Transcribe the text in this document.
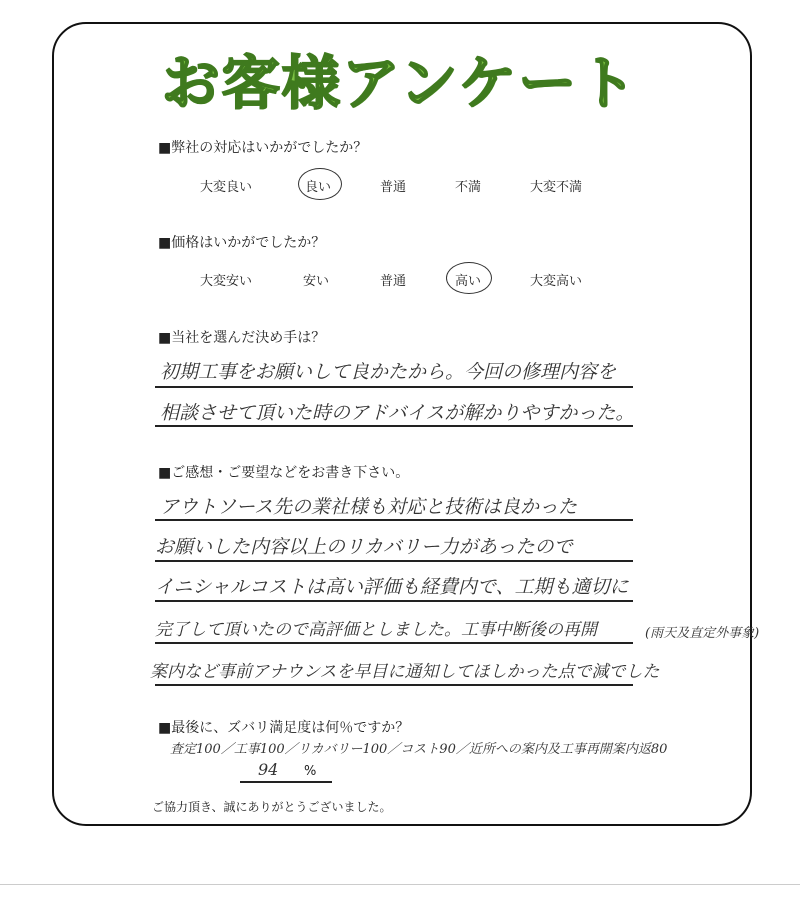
お客様アンケート
■弊社の対応はいかがでしたか？
大変良い	良い	普通	不満	大変不満
■価格はいかがでしたか？
大変安い	安い	普通	高い	大変高い
■当社を選んだ決め手は？
初期工事をお願いして良かたから。今回の修理内容を
相談させて頂いた時のアドバイスが解かりやすかった。
■ご感想・ご要望などをお書き下さい。
アウトソース先の業社様も対応と技術は良かった
お願いした内容以上のリカバリー力があったので
イニシャルコストは高い評価も経費内で、工期も適切に
完了して頂いたので高評価としました。工事中断後の再開	(雨天及直定外事象)
案内など事前アナウンスを早目に通知してほしかった点で減でした
■最後に、ズバリ満足度は何％ですか？
査定100／工事100／リカバリー100／コスト90／近所への案内及工事再開案内返80
94 %
ご協力頂き、誠にありがとうございました。
